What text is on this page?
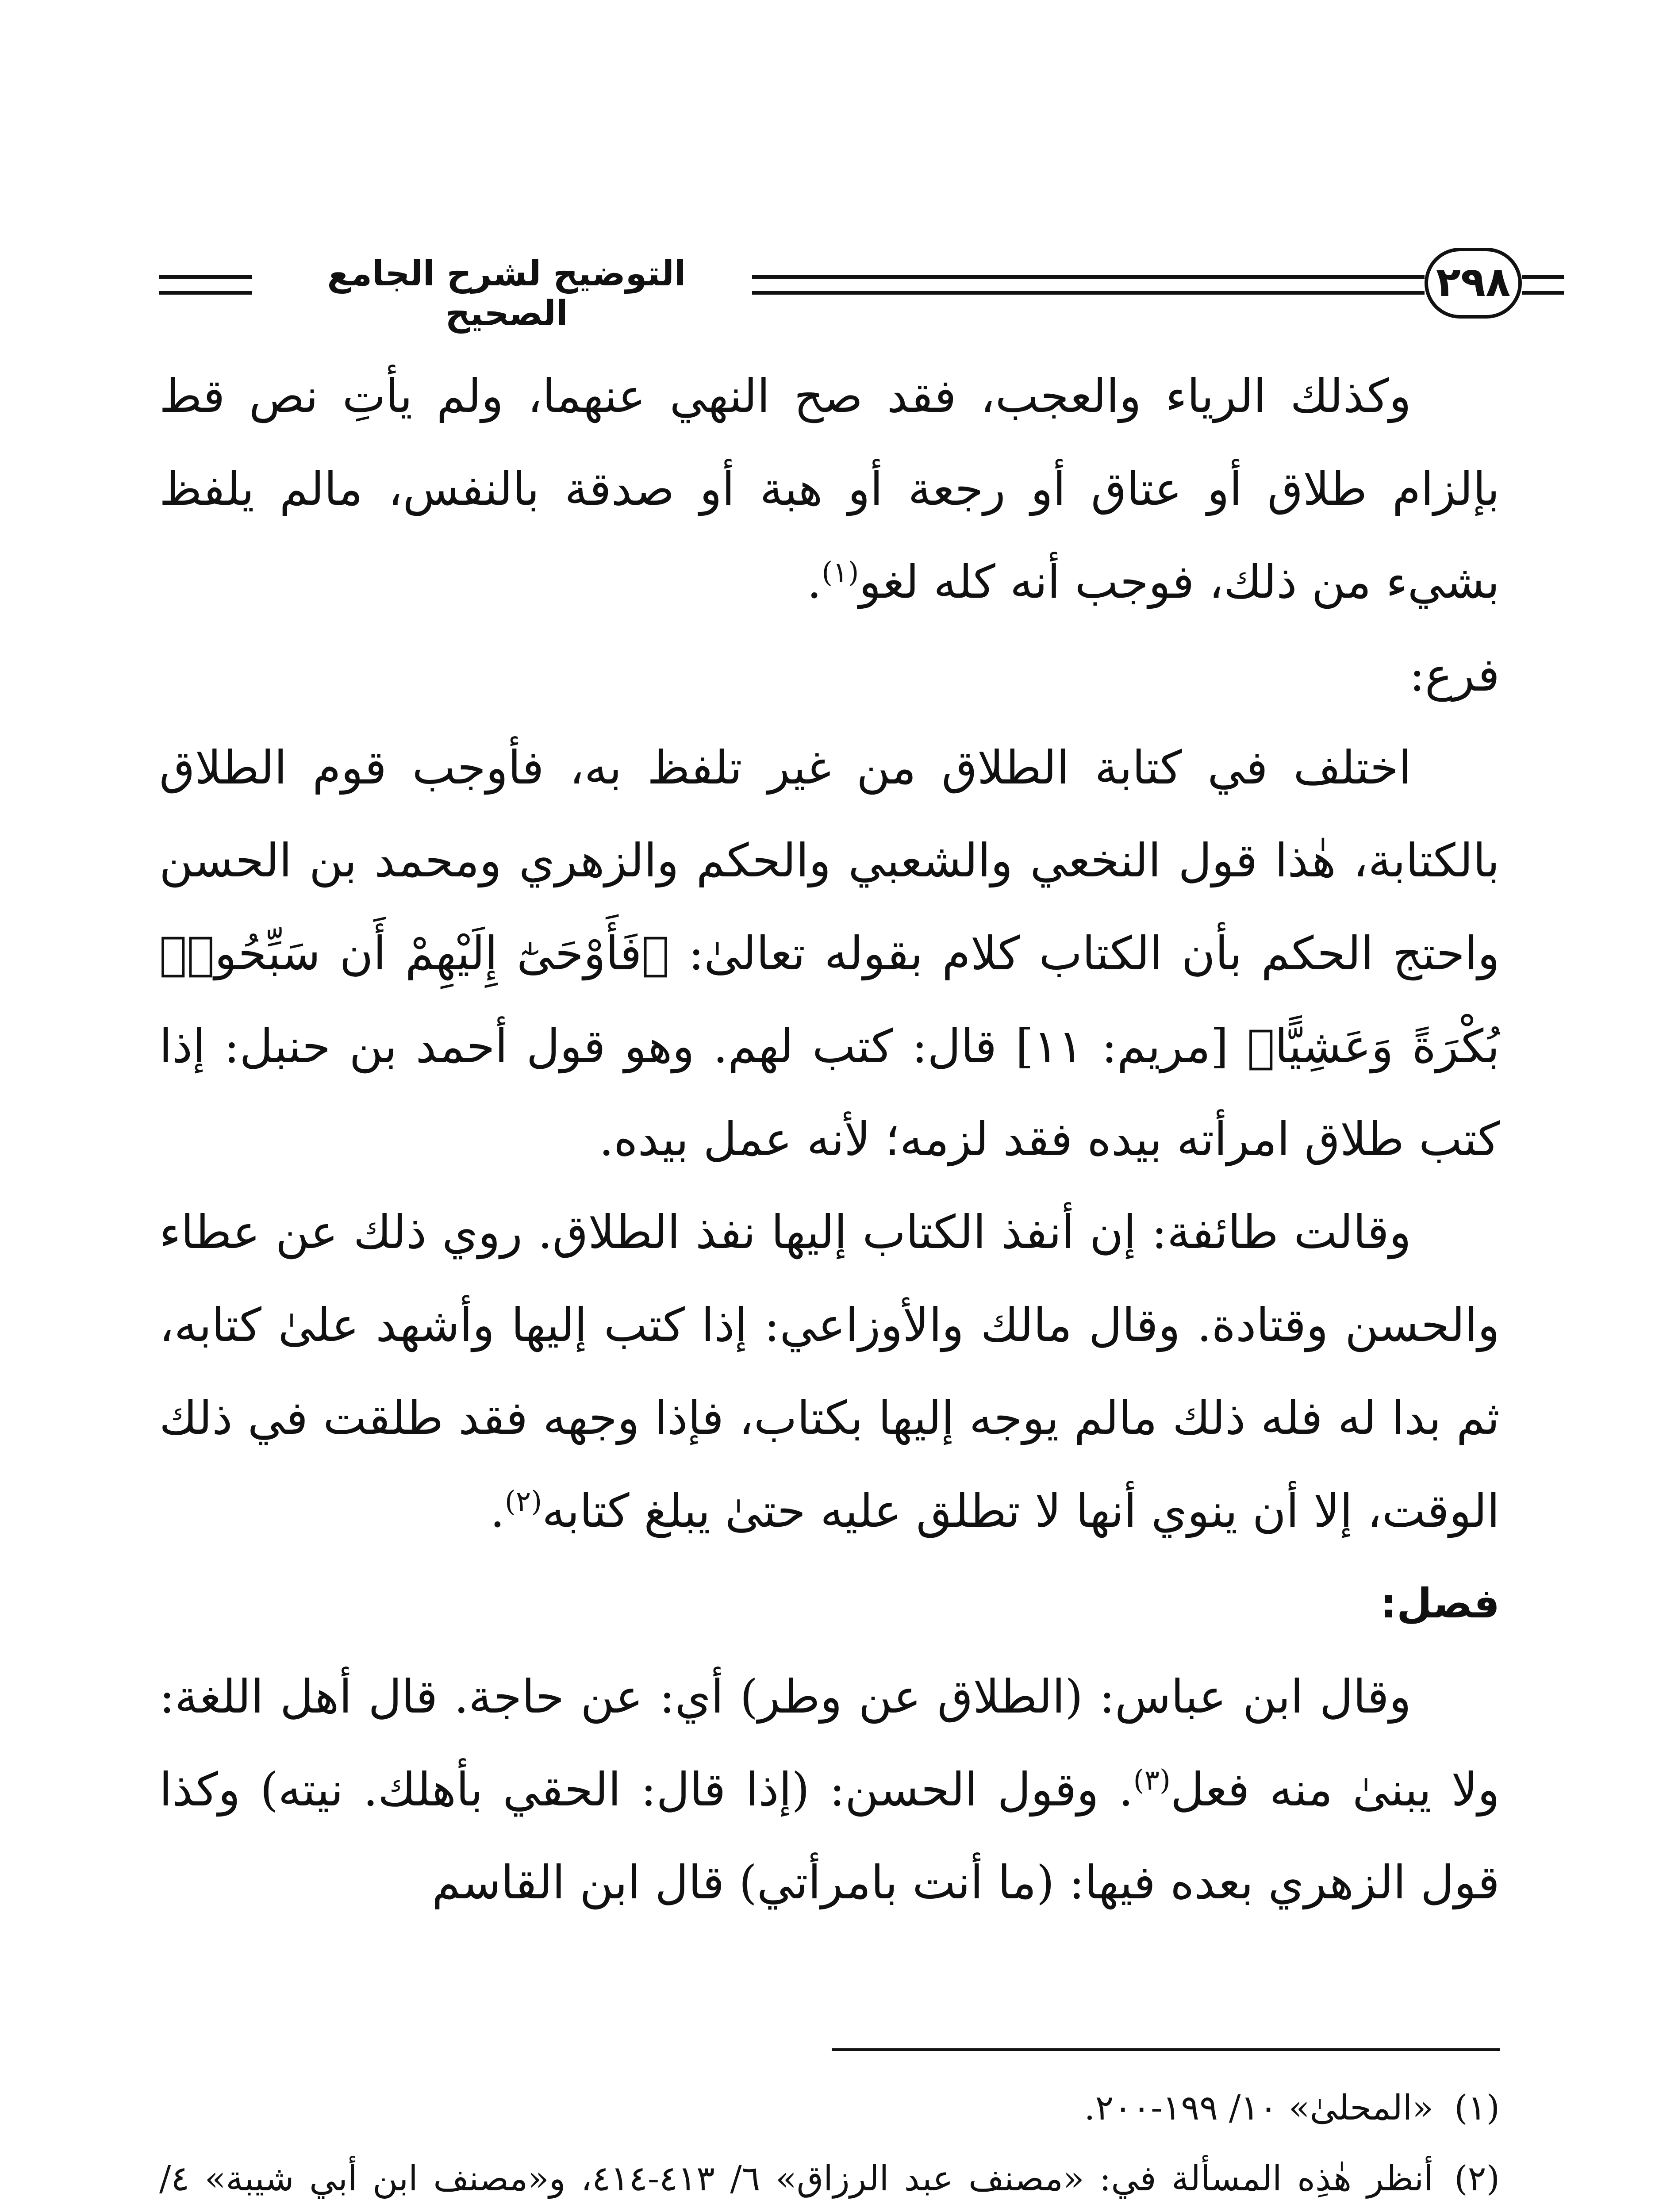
التوضيح لشرح الجامع الصحيح
٢٩٨

وكذلك الرياء والعجب، فقد صح النهي عنهما، ولم يأتِ نص قط بإلزام طلاق أو عتاق أو رجعة أو هبة أو صدقة بالنفس، مالم يلفظ بشيء من ذلك، فوجب أنه كله لغو$^{(١)}$.

فرع:

اختلف في كتابة الطلاق من غير تلفظ به، فأوجب قوم الطلاق بالكتابة، هٰذا قول النخعي والشعبي والحكم والزهري ومحمد بن الحسن واحتج الحكم بأن الكتاب كلام بقوله تعالىٰ: ﴿فَأَوْحَىٰٓ إِلَيْهِمْ أَن سَبِّحُوا۟ بُكْرَةً وَعَشِيًّا﴾ [مريم: ١١] قال: كتب لهم. وهو قول أحمد بن حنبل: إذا كتب طلاق امرأته بيده فقد لزمه؛ لأنه عمل بيده.

وقالت طائفة: إن أنفذ الكتاب إليها نفذ الطلاق. روي ذلك عن عطاء والحسن وقتادة. وقال مالك والأوزاعي: إذا كتب إليها وأشهد علىٰ كتابه، ثم بدا له فله ذلك مالم يوجه إليها بكتاب، فإذا وجهه فقد طلقت في ذلك الوقت، إلا أن ينوي أنها لا تطلق عليه حتىٰ يبلغ كتابه$^{(٢)}$.

فصل:

وقال ابن عباس: (الطلاق عن وطر) أي: عن حاجة. قال أهل اللغة: ولا يبنىٰ منه فعل$^{(٣)}$. وقول الحسن: (إذا قال: الحقي بأهلك. نيته) وكذا قول الزهري بعده فيها: (ما أنت بامرأتي) قال ابن القاسم

(١)
«المحلىٰ» ١٠/ ١٩٩-٢٠٠.

(٢)
أنظر هٰذِه المسألة في: «مصنف عبد الرزاق» ٦/ ٤١٣-٤١٤، و«مصنف ابن أبي شيبة» ٤/
